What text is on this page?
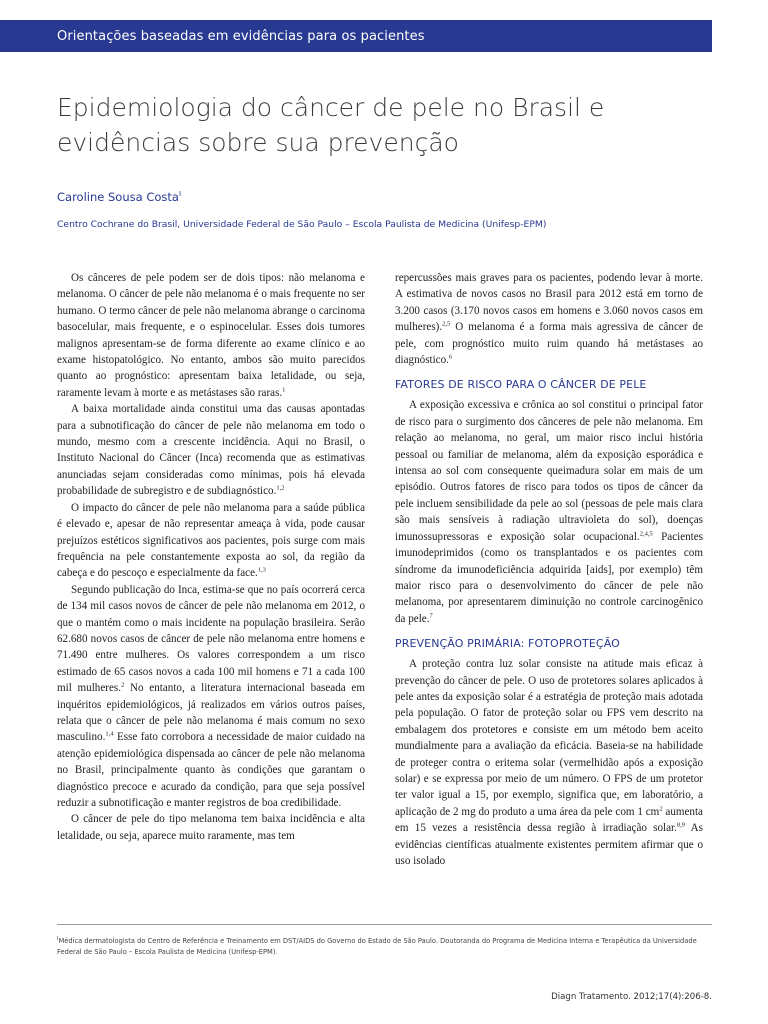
Orientações baseadas em evidências para os pacientes
Epidemiologia do câncer de pele no Brasil e evidências sobre sua prevenção
Caroline Sousa Costa$^I$
Centro Cochrane do Brasil, Universidade Federal de São Paulo – Escola Paulista de Medicina (Unifesp-EPM)

Os cânceres de pele podem ser de dois tipos: não melanoma e melanoma. O câncer de pele não melanoma é o mais frequente no ser humano. O termo câncer de pele não melanoma abrange o carcinoma basocelular, mais frequente, e o espinocelular. Esses dois tumores malignos apresentam-se de forma diferente ao exame clínico e ao exame histopatológico. No entanto, ambos são muito parecidos quanto ao prognóstico: apresentam baixa letalidade, ou seja, raramente levam à morte e as metástases são raras.$^1$

A baixa mortalidade ainda constitui uma das causas apontadas para a subnotificação do câncer de pele não melanoma em todo o mundo, mesmo com a crescente incidência. Aqui no Brasil, o Instituto Nacional do Câncer (Inca) recomenda que as estimativas anunciadas sejam consideradas como mínimas, pois há elevada probabilidade de subregistro e de subdiagnóstico.$^{1,2}$

O impacto do câncer de pele não melanoma para a saúde pública é elevado e, apesar de não representar ameaça à vida, pode causar prejuízos estéticos significativos aos pacientes, pois surge com mais frequência na pele constantemente exposta ao sol, da região da cabeça e do pescoço e especialmente da face.$^{1,3}$

Segundo publicação do Inca, estima-se que no país ocorrerá cerca de 134 mil casos novos de câncer de pele não melanoma em 2012, o que o mantém como o mais incidente na população brasileira. Serão 62.680 novos casos de câncer de pele não melanoma entre homens e 71.490 entre mulheres. Os valores correspondem a um risco estimado de 65 casos novos a cada 100 mil homens e 71 a cada 100 mil mulheres.$^2$ No entanto, a literatura internacional baseada em inquéritos epidemiológicos, já realizados em vários outros países, relata que o câncer de pele não melanoma é mais comum no sexo masculino.$^{1,4}$ Esse fato corrobora a necessidade de maior cuidado na atenção epidemiológica dispensada ao câncer de pele não melanoma no Brasil, principalmente quanto às condições que garantam o diagnóstico precoce e acurado da condição, para que seja possível reduzir a subnotificação e manter registros de boa credibilidade.

O câncer de pele do tipo melanoma tem baixa incidência e alta letalidade, ou seja, aparece muito raramente, mas tem

repercussões mais graves para os pacientes, podendo levar à morte. A estimativa de novos casos no Brasil para 2012 está em torno de 3.200 casos (3.170 novos casos em homens e 3.060 novos casos em mulheres).$^{2,5}$ O melanoma é a forma mais agressiva de câncer de pele, com prognóstico muito ruim quando há metástases ao diagnóstico.$^6$

FATORES DE RISCO PARA O CÂNCER DE PELE

A exposição excessiva e crônica ao sol constitui o principal fator de risco para o surgimento dos cânceres de pele não melanoma. Em relação ao melanoma, no geral, um maior risco inclui história pessoal ou familiar de melanoma, além da exposição esporádica e intensa ao sol com consequente queimadura solar em mais de um episódio. Outros fatores de risco para todos os tipos de câncer da pele incluem sensibilidade da pele ao sol (pessoas de pele mais clara são mais sensíveis à radiação ultravioleta do sol), doenças imunossupressoras e exposição solar ocupacional.$^{2,4,5}$ Pacientes imunodeprimidos (como os transplantados e os pacientes com síndrome da imunodeficiência adquirida [aids], por exemplo) têm maior risco para o desenvolvimento do câncer de pele não melanoma, por apresentarem diminuição no controle carcinogênico da pele.$^7$

PREVENÇÃO PRIMÁRIA: FOTOPROTEÇÃO

A proteção contra luz solar consiste na atitude mais eficaz à prevenção do câncer de pele. O uso de protetores solares aplicados à pele antes da exposição solar é a estratégia de proteção mais adotada pela população. O fator de proteção solar ou FPS vem descrito na embalagem dos protetores e consiste em um método bem aceito mundialmente para a avaliação da eficácia. Baseia-se na habilidade de proteger contra o eritema solar (vermelhidão após a exposição solar) e se expressa por meio de um número. O FPS de um protetor ter valor igual a 15, por exemplo, significa que, em laboratório, a aplicação de 2 mg do produto a uma área da pele com 1 $cm^2$ aumenta em 15 vezes a resistência dessa região à irradiação solar.$^{8,9}$ As evidências científicas atualmente existentes permitem afirmar que o uso isolado

$^I$Médica dermatologista do Centro de Referência e Treinamento em DST/AIDS do Governo do Estado de São Paulo. Doutoranda do Programa de Medicina Interna e Terapêutica da Universidade Federal de São Paulo – Escola Paulista de Medicina (Unifesp-EPM).
Diagn Tratamento. 2012;17(4):206-8.
